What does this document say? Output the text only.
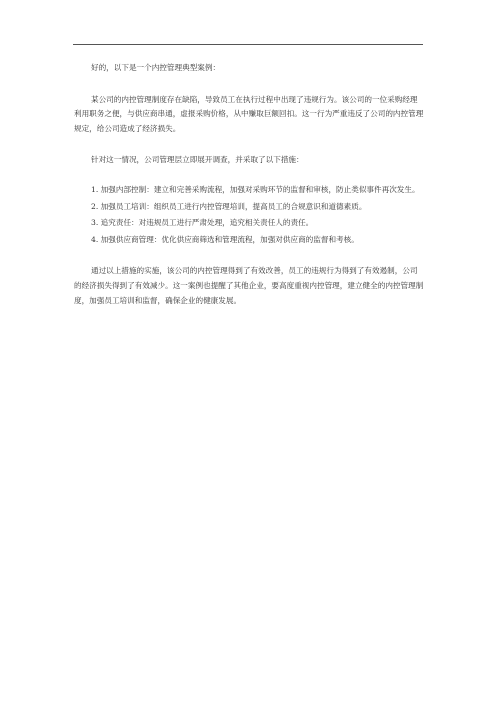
好的，以下是一个内控管理典型案例：

某公司的内控管理制度存在缺陷，导致员工在执行过程中出现了违规行为。该公司的一位采购经理利用职务之便，与供应商串通，虚报采购价格，从中赚取巨额回扣。这一行为严重违反了公司的内控管理规定，给公司造成了经济损失。

针对这一情况，公司管理层立即展开调查，并采取了以下措施：

1. 加强内部控制：建立和完善采购流程，加强对采购环节的监督和审核，防止类似事件再次发生。
2. 加强员工培训：组织员工进行内控管理培训，提高员工的合规意识和道德素质。
3. 追究责任：对违规员工进行严肃处理，追究相关责任人的责任。
4. 加强供应商管理：优化供应商筛选和管理流程，加强对供应商的监督和考核。

通过以上措施的实施，该公司的内控管理得到了有效改善，员工的违规行为得到了有效遏制，公司的经济损失得到了有效减少。这一案例也提醒了其他企业，要高度重视内控管理，建立健全的内控管理制度，加强员工培训和监督，确保企业的健康发展。
